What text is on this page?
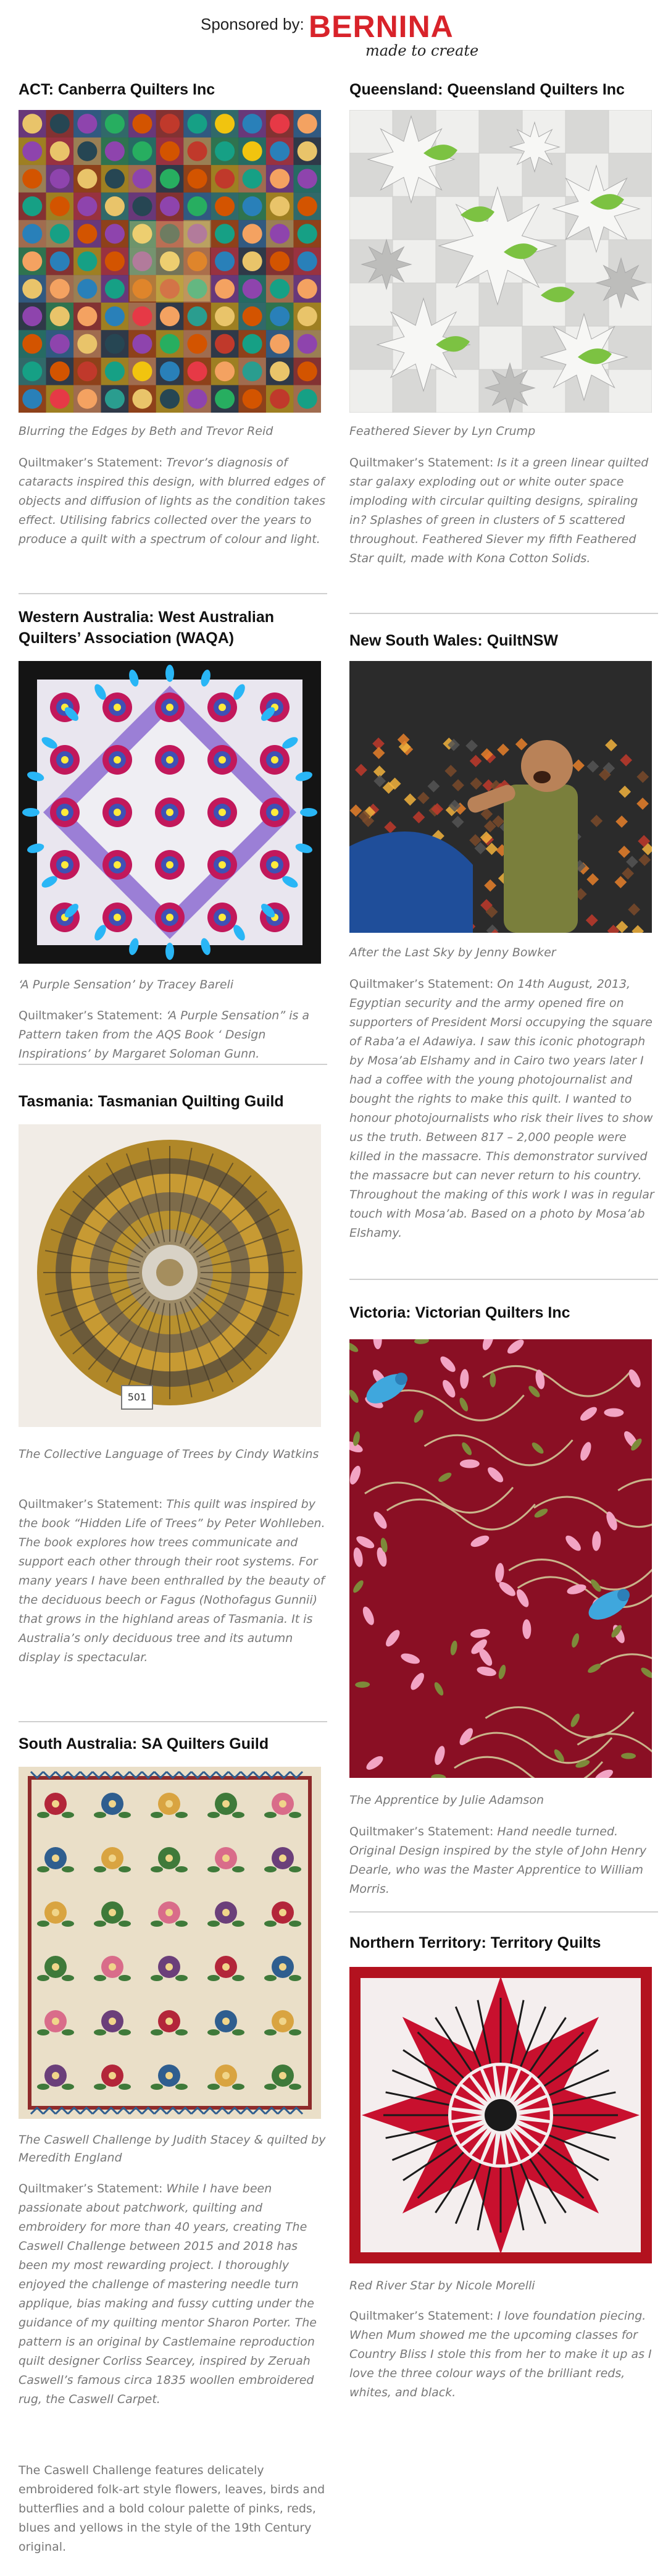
Sponsored by: BERNINA
made to create
ACT: Canberra Quilters Inc
Blurring the Edges by Beth and Trevor Reid
Quiltmaker’s Statement: Trevor’s diagnosis of cataracts inspired this design, with blurred edges of objects and diffusion of lights as the condition takes effect. Utilising fabrics collected over the years to produce a quilt with a spectrum of colour and light.
Western Australia: West Australian Quilters’ Association (WAQA)
‘A Purple Sensation’ by Tracey Bareli
Quiltmaker’s Statement: ‘A Purple Sensation” is a Pattern taken from the AQS Book ‘ Design Inspirations’ by Margaret Soloman Gunn.
Tasmania: Tasmanian Quilting Guild
501
The Collective Language of Trees by Cindy Watkins
Quiltmaker’s Statement: This quilt was inspired by the book “Hidden Life of Trees” by Peter Wohlleben. The book explores how trees communicate and support each other through their root systems. For many years I have been enthralled by the beauty of the deciduous beech or Fagus (Nothofagus Gunnii) that grows in the highland areas of Tasmania. It is Australia’s only deciduous tree and its autumn display is spectacular.
South Australia: SA Quilters Guild
The Caswell Challenge by Judith Stacey & quilted by Meredith England
Quiltmaker’s Statement: While I have been passionate about patchwork, quilting and embroidery for more than 40 years, creating The Caswell Challenge between 2015 and 2018 has been my most rewarding project. I thoroughly enjoyed the challenge of mastering needle turn applique, bias making and fussy cutting under the guidance of my quilting mentor Sharon Porter. The pattern is an original by Castlemaine reproduction quilt designer Corliss Searcey, inspired by Zeruah Caswell’s famous circa 1835 woollen embroidered rug, the Caswell Carpet.
The Caswell Challenge features delicately embroidered folk-art style flowers, leaves, birds and butterflies and a bold colour palette of pinks, reds, blues and yellows in the style of the 19th Century original.
Queensland: Queensland Quilters Inc
Feathered Siever by Lyn Crump
Quiltmaker’s Statement: Is it a green linear quilted star galaxy exploding out or white outer space imploding with circular quilting designs, spiraling in? Splashes of green in clusters of 5 scattered throughout. Feathered Siever my fifth Feathered Star quilt, made with Kona Cotton Solids.
New South Wales: QuiltNSW
After the Last Sky by Jenny Bowker
Quiltmaker’s Statement: On 14th August, 2013, Egyptian security and the army opened fire on supporters of President Morsi occupying the square of Raba’a el Adawiya. I saw this iconic photograph by Mosa’ab Elshamy and in Cairo two years later I had a coffee with the young photojournalist and bought the rights to make this quilt. I wanted to honour photojournalists who risk their lives to show us the truth. Between 817 – 2,000 people were killed in the massacre. This demonstrator survived the massacre but can never return to his country. Throughout the making of this work I was in regular touch with Mosa’ab. Based on a photo by Mosa’ab Elshamy.
Victoria: Victorian Quilters Inc
The Apprentice by Julie Adamson
Quiltmaker’s Statement: Hand needle turned. Original Design inspired by the style of John Henry Dearle, who was the Master Apprentice to William Morris.
Northern Territory: Territory Quilts
Red River Star by Nicole Morelli
Quiltmaker’s Statement: I love foundation piecing. When Mum showed me the upcoming classes for Country Bliss I stole this from her to make it up as I love the three colour ways of the brilliant reds, whites, and black.
